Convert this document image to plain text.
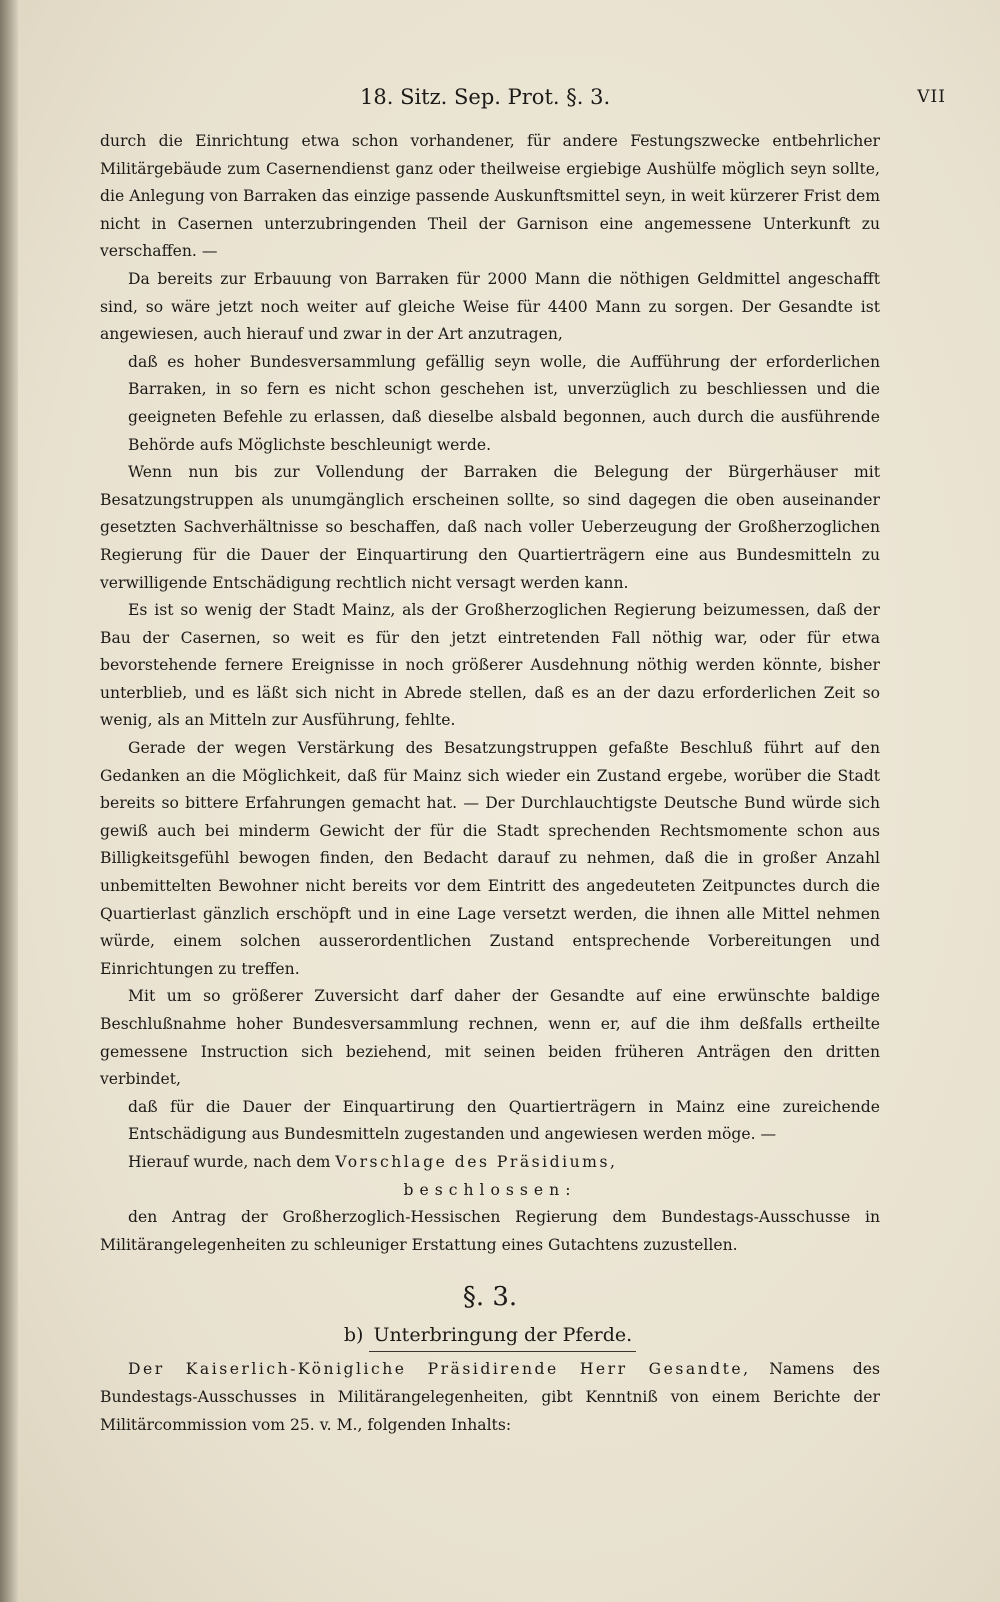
18. Sitz. Sep. Prot. §. 3.	VII

durch die Einrichtung etwa schon vorhandener, für andere Festungszwecke entbehrlicher Militärgebäude zum Casernendienst ganz oder theilweise ergiebige Aushülfe möglich seyn sollte, die Anlegung von Barraken das einzige passende Auskunftsmittel seyn, in weit kürzerer Frist dem nicht in Casernen unterzubringenden Theil der Garnison eine angemessene Unterkunft zu verschaffen. —

Da bereits zur Erbauung von Barraken für 2000 Mann die nöthigen Geldmittel angeschafft sind, so wäre jetzt noch weiter auf gleiche Weise für 4400 Mann zu sorgen. Der Gesandte ist angewiesen, auch hierauf und zwar in der Art anzutragen,

daß es hoher Bundesversammlung gefällig seyn wolle, die Aufführung der erforderlichen Barraken, in so fern es nicht schon geschehen ist, unverzüglich zu beschliessen und die geeigneten Befehle zu erlassen, daß dieselbe alsbald begonnen, auch durch die ausführende Behörde aufs Möglichste beschleunigt werde.

Wenn nun bis zur Vollendung der Barraken die Belegung der Bürgerhäuser mit Besatzungstruppen als unumgänglich erscheinen sollte, so sind dagegen die oben auseinander gesetzten Sachverhältnisse so beschaffen, daß nach voller Ueberzeugung der Großherzoglichen Regierung für die Dauer der Einquartirung den Quartierträgern eine aus Bundesmitteln zu verwilligende Entschädigung rechtlich nicht versagt werden kann.

Es ist so wenig der Stadt Mainz, als der Großherzoglichen Regierung beizumessen, daß der Bau der Casernen, so weit es für den jetzt eintretenden Fall nöthig war, oder für etwa bevorstehende fernere Ereignisse in noch größerer Ausdehnung nöthig werden könnte, bisher unterblieb, und es läßt sich nicht in Abrede stellen, daß es an der dazu erforderlichen Zeit so wenig, als an Mitteln zur Ausführung, fehlte.

Gerade der wegen Verstärkung des Besatzungstruppen gefaßte Beschluß führt auf den Gedanken an die Möglichkeit, daß für Mainz sich wieder ein Zustand ergebe, worüber die Stadt bereits so bittere Erfahrungen gemacht hat. — Der Durchlauchtigste Deutsche Bund würde sich gewiß auch bei minderm Gewicht der für die Stadt sprechenden Rechtsmomente schon aus Billigkeitsgefühl bewogen finden, den Bedacht darauf zu nehmen, daß die in großer Anzahl unbemittelten Bewohner nicht bereits vor dem Eintritt des angedeuteten Zeitpunctes durch die Quartierlast gänzlich erschöpft und in eine Lage versetzt werden, die ihnen alle Mittel nehmen würde, einem solchen ausserordentlichen Zustand entsprechende Vorbereitungen und Einrichtungen zu treffen.

Mit um so größerer Zuversicht darf daher der Gesandte auf eine erwünschte baldige Beschlußnahme hoher Bundesversammlung rechnen, wenn er, auf die ihm deßfalls ertheilte gemessene Instruction sich beziehend, mit seinen beiden früheren Anträgen den dritten verbindet,

daß für die Dauer der Einquartirung den Quartierträgern in Mainz eine zureichende Entschädigung aus Bundesmitteln zugestanden und angewiesen werden möge. —

Hierauf wurde, nach dem Vorschlage des Präsidiums,

beschlossen:

den Antrag der Großherzoglich-Hessischen Regierung dem Bundestags-Ausschusse in Militärangelegenheiten zu schleuniger Erstattung eines Gutachtens zuzustellen.

§. 3.
b) Unterbringung der Pferde.

Der Kaiserlich-Königliche Präsidirende Herr Gesandte, Namens des Bundestags-Ausschusses in Militärangelegenheiten, gibt Kenntniß von einem Berichte der Militärcommission vom 25. v. M., folgenden Inhalts:
